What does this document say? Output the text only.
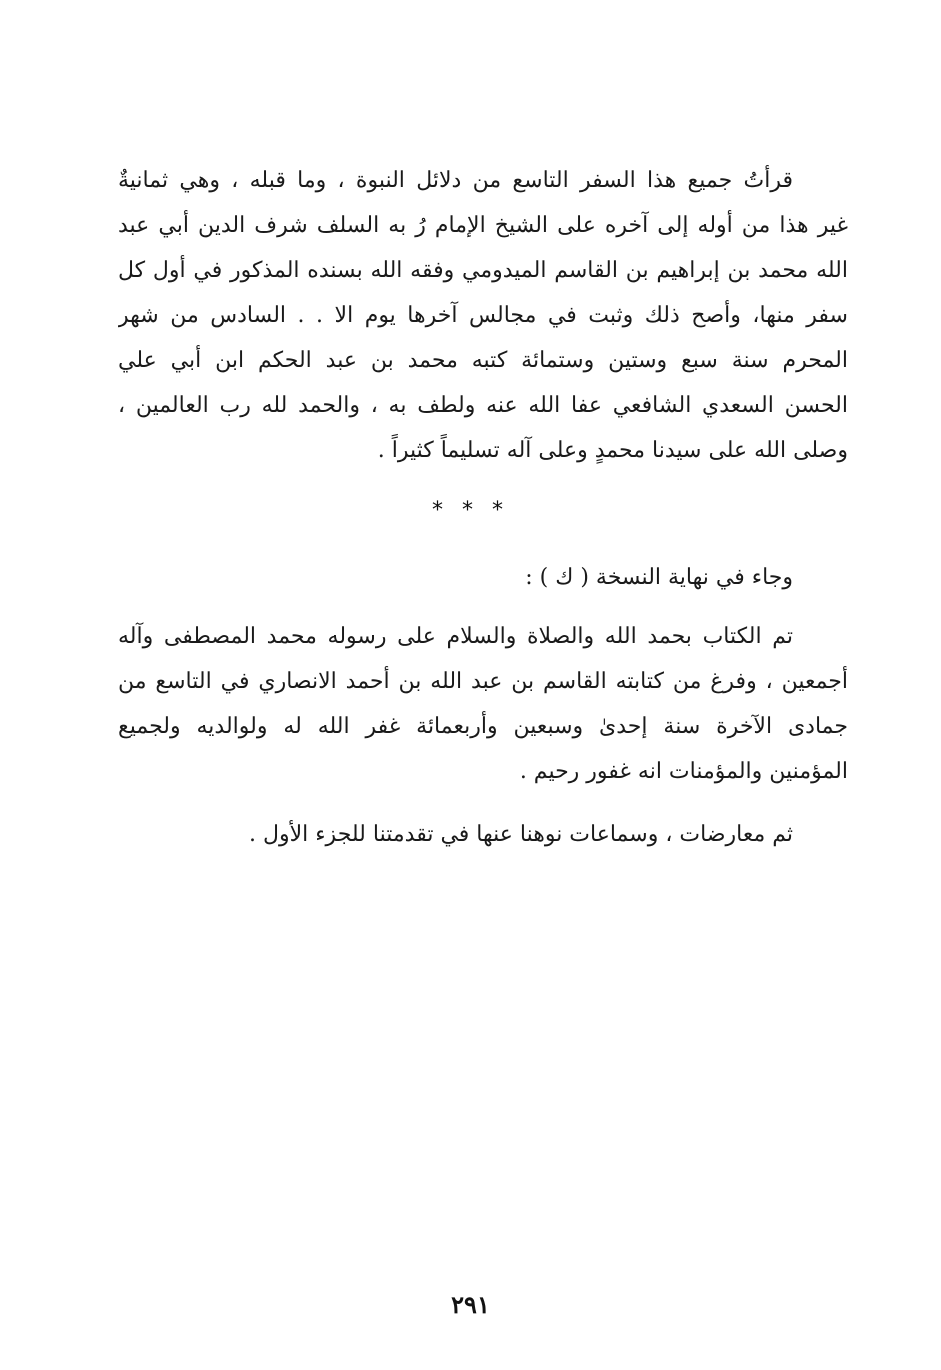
قرأتُ جميع هذا السفر التاسع من دلائل النبوة ، وما قبله ، وهي ثمانيةٌ
غير هذا من أوله إلى آخره على الشيخ الإمام رُ به السلف شرف الدين أبي عبد
الله محمد بن إبراهيم بن القاسم الميدومي وفقه الله بسنده المذكور في أول كل
سفر منها، وأصح ذلك وثبت في مجالس آخرها يوم الا . . السادس من شهر
المحرم سنة سبع وستين وستمائة كتبه محمد بن عبد الحكم ابن أبي علي
الحسن السعدي الشافعي عفا الله عنه ولطف به ، والحمد لله رب العالمين ،
وصلى الله على سيدنا محمدٍ وعلى آله تسليماً كثيراً .
* * *
وجاء في نهاية النسخة ( ك ) :
تم الكتاب بحمد الله والصلاة والسلام على رسوله محمد المصطفى وآله
أجمعين ، وفرغ من كتابته القاسم بن عبد الله بن أحمد الانصاري في التاسع من
جمادى الآخرة سنة إحدىٰ وسبعين وأربعمائة غفر الله له ولوالديه ولجميع
المؤمنين والمؤمنات انه غفور رحيم .
ثم معارضات ، وسماعات نوهنا عنها في تقدمتنا للجزء الأول .
٢٩١
